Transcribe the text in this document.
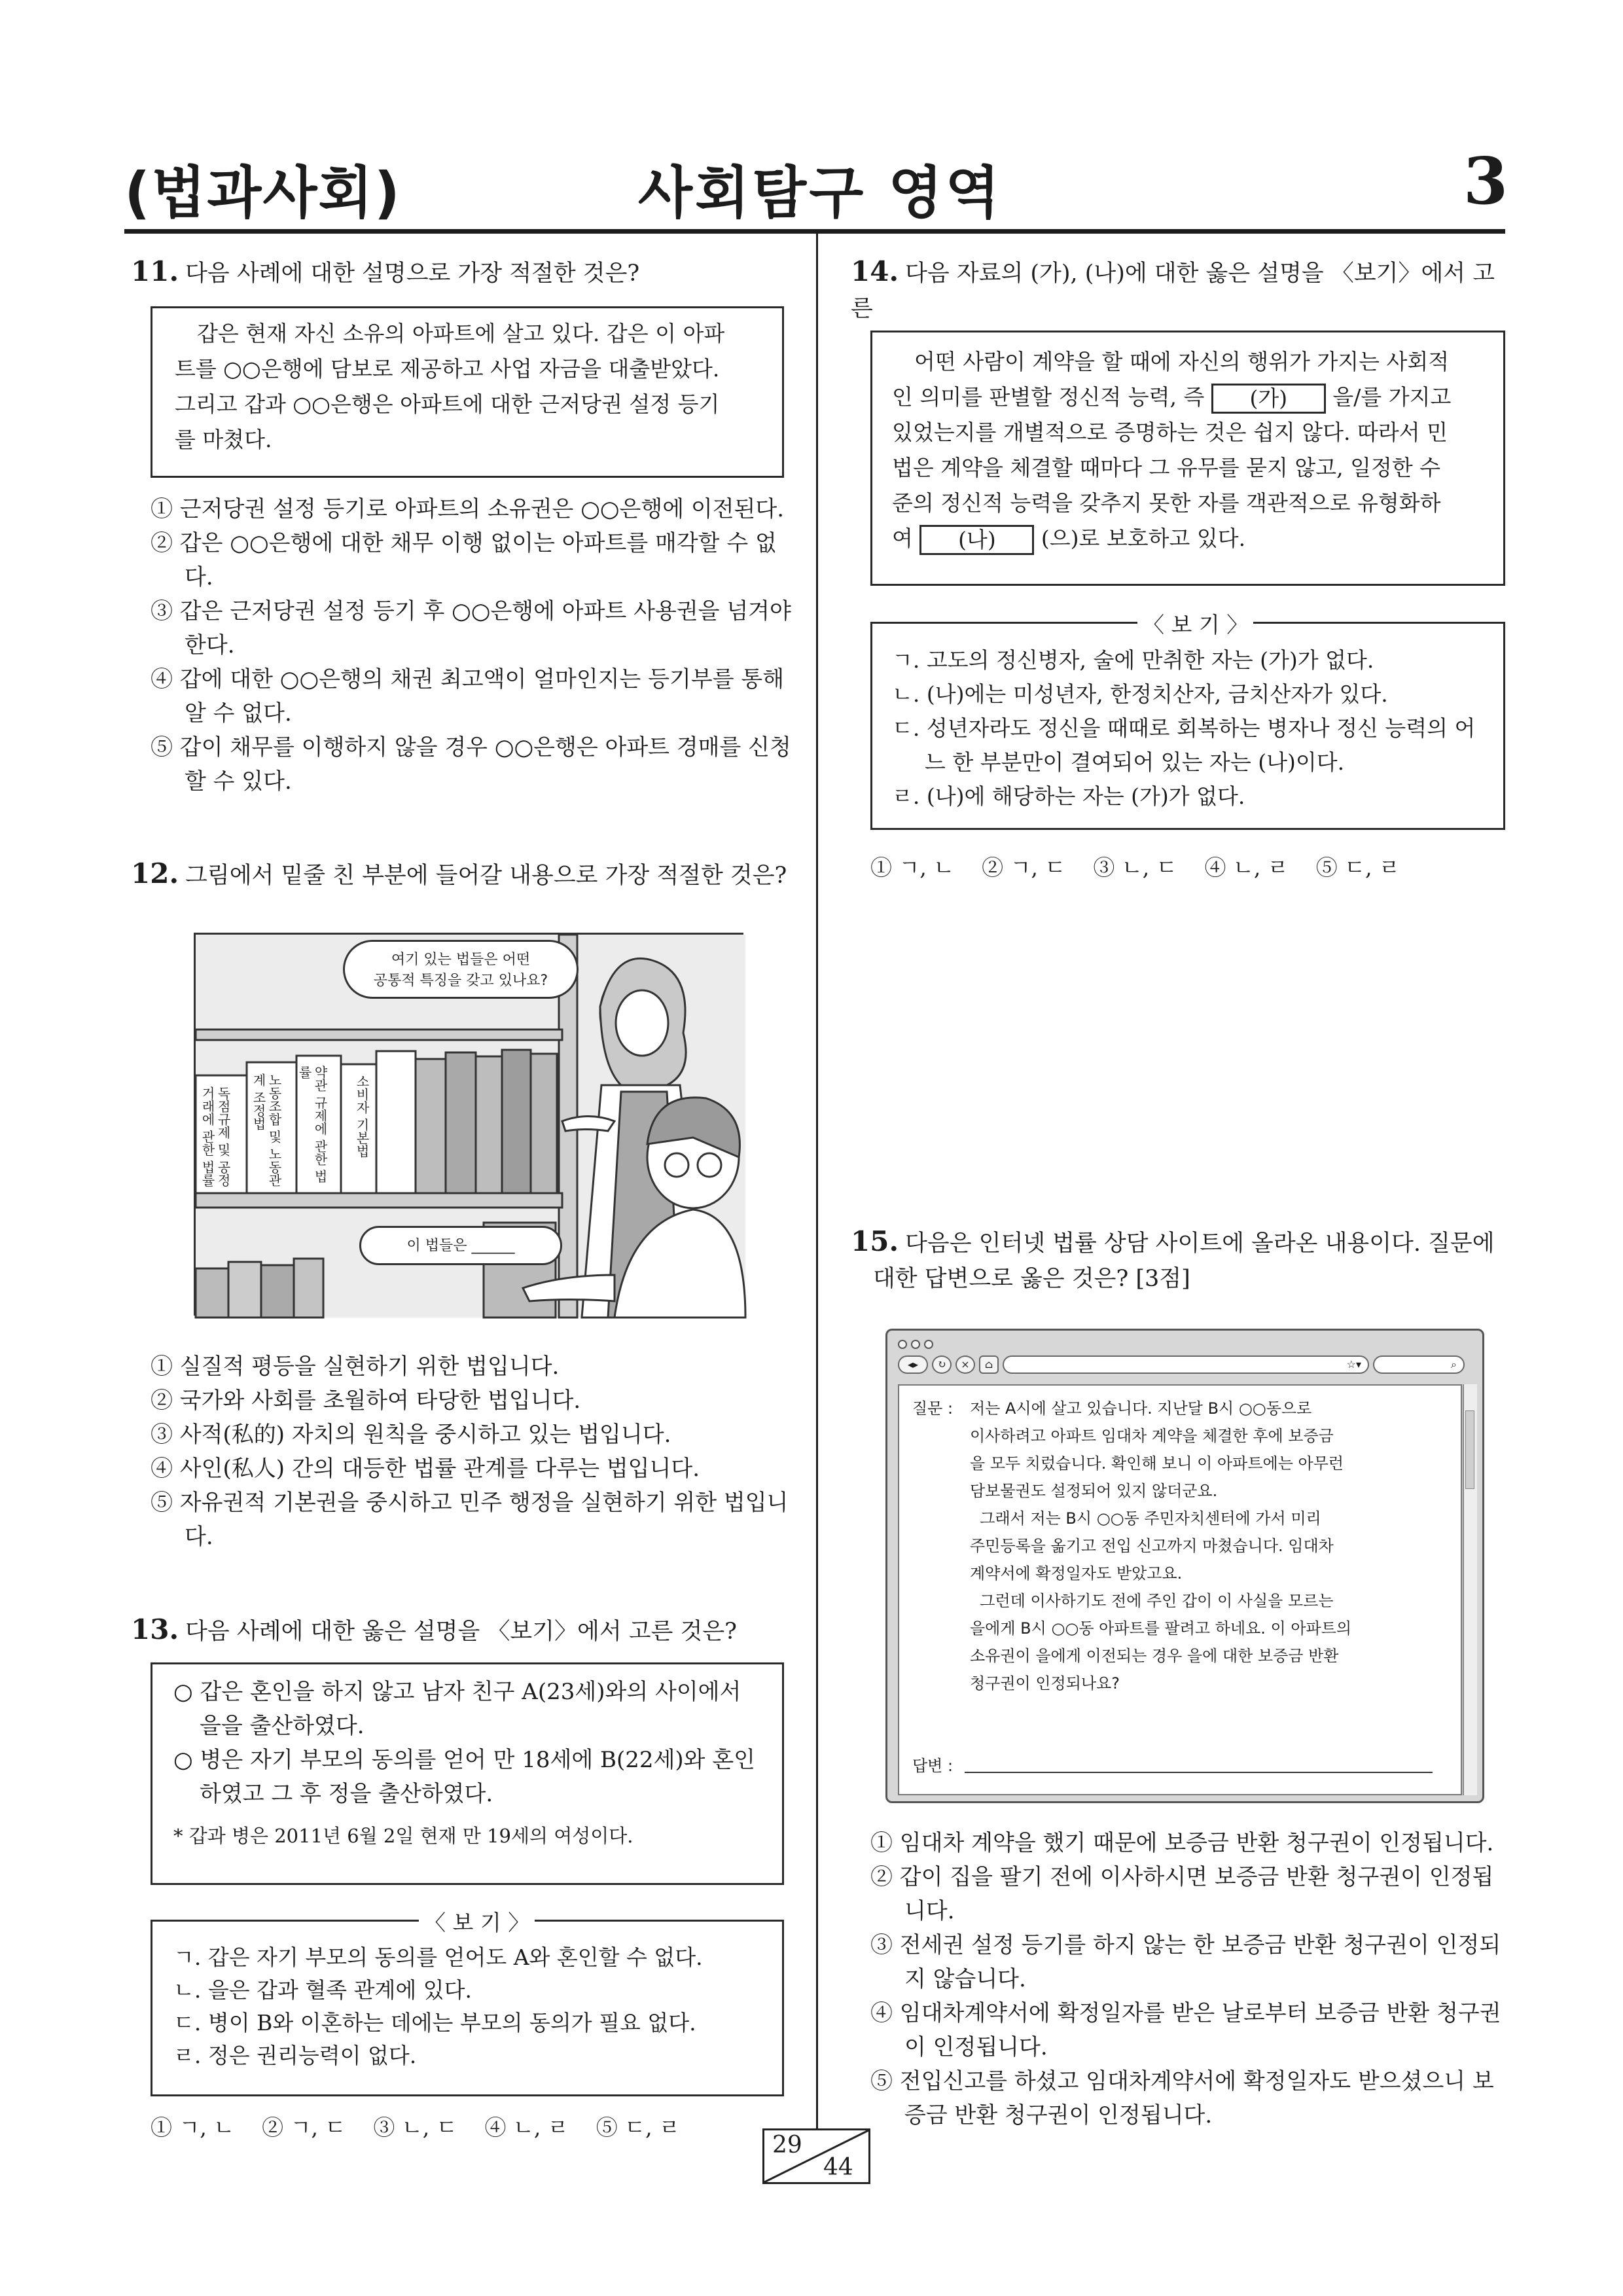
(법과사회)	사회탐구 영역	3
11. 다음 사례에 대한 설명으로 가장 적절한 것은?
갑은 현재 자신 소유의 아파트에 살고 있다. 갑은 이 아파
트를 ○○은행에 담보로 제공하고 사업 자금을 대출받았다.
그리고 갑과 ○○은행은 아파트에 대한 근저당권 설정 등기
를 마쳤다.
① 근저당권 설정 등기로 아파트의 소유권은 ○○은행에 이전된다.
② 갑은 ○○은행에 대한 채무 이행 없이는 아파트를 매각할 수 없다.
③ 갑은 근저당권 설정 등기 후 ○○은행에 아파트 사용권을 넘겨야 한다.
④ 갑에 대한 ○○은행의 채권 최고액이 얼마인지는 등기부를 통해 알 수 없다.
⑤ 갑이 채무를 이행하지 않을 경우 ○○은행은 아파트 경매를 신청할 수 있다.
12. 그림에서 밑줄 친 부분에 들어갈 내용으로 가장 적절한 것은?
독점규제 및 공정거래에 관한 법률	노동조합 및 노동관계 조정법	약관 규제에 관한 법률
소비자 기본법
여기 있는 법들은 어떤
공통적 특징을 갖고 있나요?
이 법들은 ______
① 실질적 평등을 실현하기 위한 법입니다.
② 국가와 사회를 초월하여 타당한 법입니다.
③ 사적(私的) 자치의 원칙을 중시하고 있는 법입니다.
④ 사인(私人) 간의 대등한 법률 관계를 다루는 법입니다.
⑤ 자유권적 기본권을 중시하고 민주 행정을 실현하기 위한 법입니다.
13. 다음 사례에 대한 옳은 설명을 〈보기〉에서 고른 것은?
○ 갑은 혼인을 하지 않고 남자 친구 A(23세)와의 사이에서 을을 출산하였다.
○ 병은 자기 부모의 동의를 얻어 만 18세에 B(22세)와 혼인하였고 그 후 정을 출산하였다.
* 갑과 병은 2011년 6월 2일 현재 만 19세의 여성이다.
ㄱ. 갑은 자기 부모의 동의를 얻어도 A와 혼인할 수 없다.
ㄴ. 을은 갑과 혈족 관계에 있다.
ㄷ. 병이 B와 이혼하는 데에는 부모의 동의가 필요 없다.
ㄹ. 정은 권리능력이 없다.
〈 보 기 〉
① ㄱ, ㄴ    ② ㄱ, ㄷ    ③ ㄴ, ㄷ    ④ ㄴ, ㄹ    ⑤ ㄷ, ㄹ
14. 다음 자료의 (가), (나)에 대한 옳은 설명을 〈보기〉에서 고른
어떤 사람이 계약을 할 때에 자신의 행위가 가지는 사회적
인 의미를 판별할 정신적 능력, 즉 (가) 을/를 가지고
있었는지를 개별적으로 증명하는 것은 쉽지 않다. 따라서 민
법은 계약을 체결할 때마다 그 유무를 묻지 않고, 일정한 수
준의 정신적 능력을 갖추지 못한 자를 객관적으로 유형화하
여 (나) (으)로 보호하고 있다.
ㄱ. 고도의 정신병자, 술에 만취한 자는 (가)가 없다.
ㄴ. (나)에는 미성년자, 한정치산자, 금치산자가 있다.
ㄷ. 성년자라도 정신을 때때로 회복하는 병자나 정신 능력의 어느 한 부분만이 결여되어 있는 자는 (나)이다.
ㄹ. (나)에 해당하는 자는 (가)가 없다.
〈 보 기 〉
① ㄱ, ㄴ    ② ㄱ, ㄷ    ③ ㄴ, ㄷ    ④ ㄴ, ㄹ    ⑤ ㄷ, ㄹ
15. 다음은 인터넷 법률 상담 사이트에 올라온 내용이다. 질문에
대한 답변으로 옳은 것은? [3점]
◂▸	↻	×	⌂	☆▾	⌕
질문 : 저는 A시에 살고 있습니다. 지난달 B시 ○○동으로
이사하려고 아파트 임대차 계약을 체결한 후에 보증금
을 모두 치렀습니다. 확인해 보니 이 아파트에는 아무런
담보물권도 설정되어 있지 않더군요.
그래서 저는 B시 ○○동 주민자치센터에 가서 미리
주민등록을 옮기고 전입 신고까지 마쳤습니다. 임대차
계약서에 확정일자도 받았고요.
그런데 이사하기도 전에 주인 갑이 이 사실을 모르는
을에게 B시 ○○동 아파트를 팔려고 하네요. 이 아파트의
소유권이 을에게 이전되는 경우 을에 대한 보증금 반환
청구권이 인정되나요?
답변 :
① 임대차 계약을 했기 때문에 보증금 반환 청구권이 인정됩니다.
② 갑이 집을 팔기 전에 이사하시면 보증금 반환 청구권이 인정됩니다.
③ 전세권 설정 등기를 하지 않는 한 보증금 반환 청구권이 인정되지 않습니다.
④ 임대차계약서에 확정일자를 받은 날로부터 보증금 반환 청구권이 인정됩니다.
⑤ 전입신고를 하셨고 임대차계약서에 확정일자도 받으셨으니 보증금 반환 청구권이 인정됩니다.
29
44
